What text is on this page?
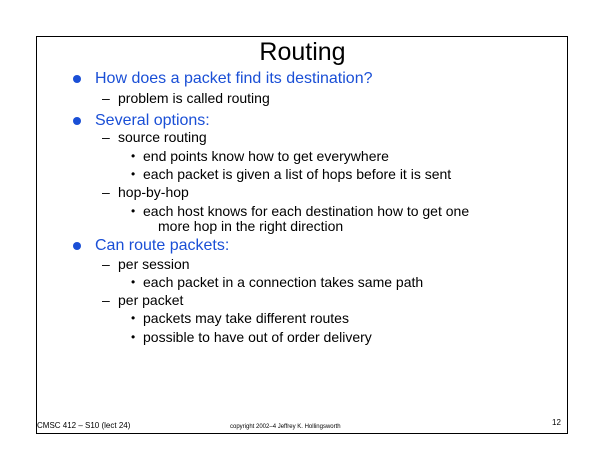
Routing
How does a packet find its destination?
– problem is called routing
Several options:
– source routing
• end points know how to get everywhere
• each packet is given a list of hops before it is sent
– hop-by-hop
• each host knows for each destination how to get one
more hop in the right direction
Can route packets:
– per session
• each packet in a connection takes same path
– per packet
• packets may take different routes
• possible to have out of order delivery
CMSC 412 – S10 (lect 24)	copyright 2002–4 Jeffrey K. Hollingsworth	12
